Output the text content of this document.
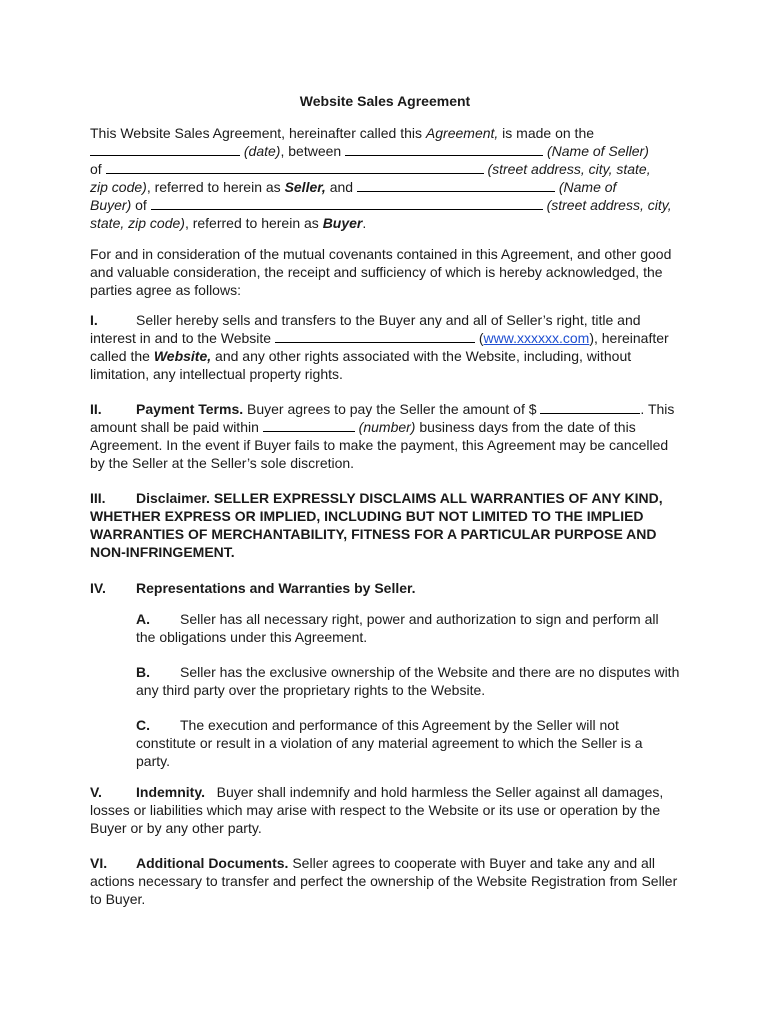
Website Sales Agreement
This Website Sales Agreement, hereinafter called this Agreement, is made on the
(date), between	(Name of Seller)
of	(street address, city, state,
zip code), referred to herein as Seller, and	(Name of
Buyer) of	(street address, city,
state, zip code), referred to herein as Buyer.
For and in consideration of the mutual covenants contained in this Agreement, and other good and valuable consideration, the receipt and sufficiency of which is hereby acknowledged, the parties agree as follows:
I.	Seller hereby sells and transfers to the Buyer any and all of Seller’s right, title and interest in and to the Website	(www.xxxxxx.com), hereinafter called the Website, and any other rights associated with the Website, including, without limitation, any intellectual property rights.
II. Payment Terms. Buyer agrees to pay the Seller the amount of $	. This amount shall be paid within	(number) business days from the date of this Agreement. In the event if Buyer fails to make the payment, this Agreement may be cancelled by the Seller at the Seller’s sole discretion.
III. Disclaimer. SELLER EXPRESSLY DISCLAIMS ALL WARRANTIES OF ANY KIND, WHETHER EXPRESS OR IMPLIED, INCLUDING BUT NOT LIMITED TO THE IMPLIED WARRANTIES OF MERCHANTABILITY, FITNESS FOR A PARTICULAR PURPOSE AND NON-INFRINGEMENT.
IV. Representations and Warranties by Seller.
A. Seller has all necessary right, power and authorization to sign and perform all the obligations under this Agreement.
B. Seller has the exclusive ownership of the Website and there are no disputes with any third party over the proprietary rights to the Website.
C. The execution and performance of this Agreement by the Seller will not constitute or result in a violation of any material agreement to which the Seller is a party.
V. Indemnity.   Buyer shall indemnify and hold harmless the Seller against all damages, losses or liabilities which may arise with respect to the Website or its use or operation by the Buyer or by any other party.
VI. Additional Documents. Seller agrees to cooperate with Buyer and take any and all actions necessary to transfer and perfect the ownership of the Website Registration from Seller to Buyer.
